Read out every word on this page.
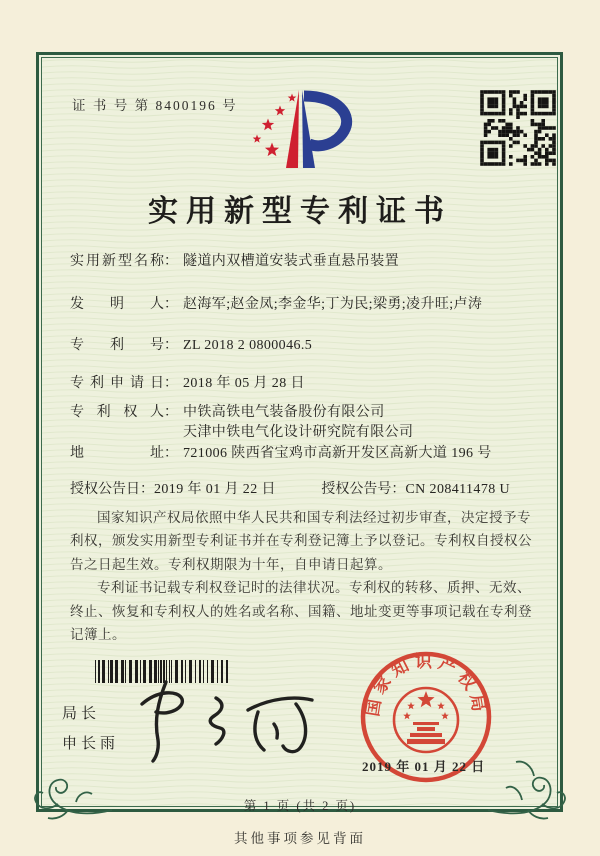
证 书 号 第 8400196 号
实用新型专利证书
实用新型名称： 隧道内双槽道安装式垂直悬吊装置
发明人： 赵海军;赵金凤;李金华;丁为民;梁勇;凌升旺;卢涛
专利号： ZL 2018 2 0800046.5
专利申请日： 2018 年 05 月 28 日
专利权人： 中铁高铁电气装备股份有限公司
天津中铁电气化设计研究院有限公司
地址： 721006 陕西省宝鸡市高新开发区高新大道 196 号
授权公告日：2019 年 01 月 22 日	授权公告号：CN 208411478 U

国家知识产权局依照中华人民共和国专利法经过初步审查，决定授予专利权，颁发实用新型专利证书并在专利登记簿上予以登记。专利权自授权公告之日起生效。专利权期限为十年，自申请日起算。

专利证书记载专利权登记时的法律状况。专利权的转移、质押、无效、终止、恢复和专利权人的姓名或名称、国籍、地址变更等事项记载在专利登记簿上。

局长
申长雨
国家知识产权局
2019 年 01 月 22 日
第 1 页 (共 2 页)
其他事项参见背面
